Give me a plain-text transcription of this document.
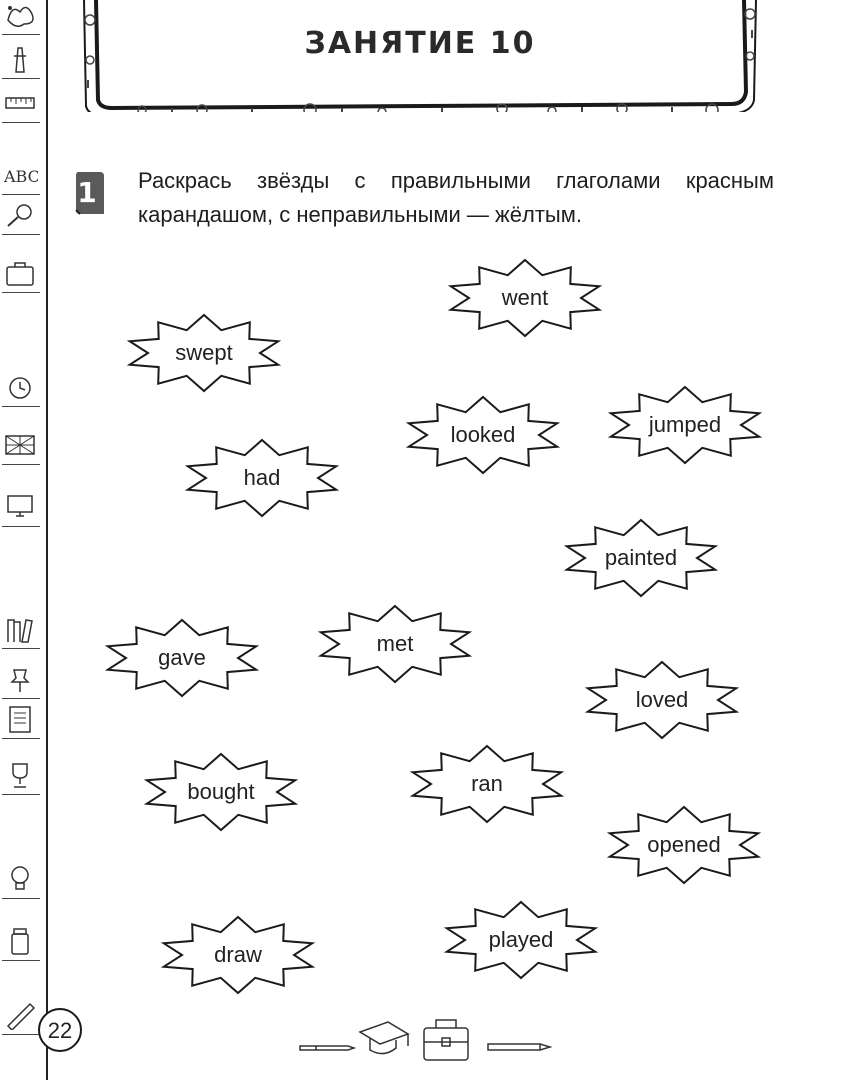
ABC
ЗАНЯТИЕ 10
1 Раскрась звёзды с правильными глаголами красным карандашом, с неправильными — жёлтым.
went
swept
looked	jumped
had
painted
gave
met
loved
bought	ran
opened
draw
played
22
